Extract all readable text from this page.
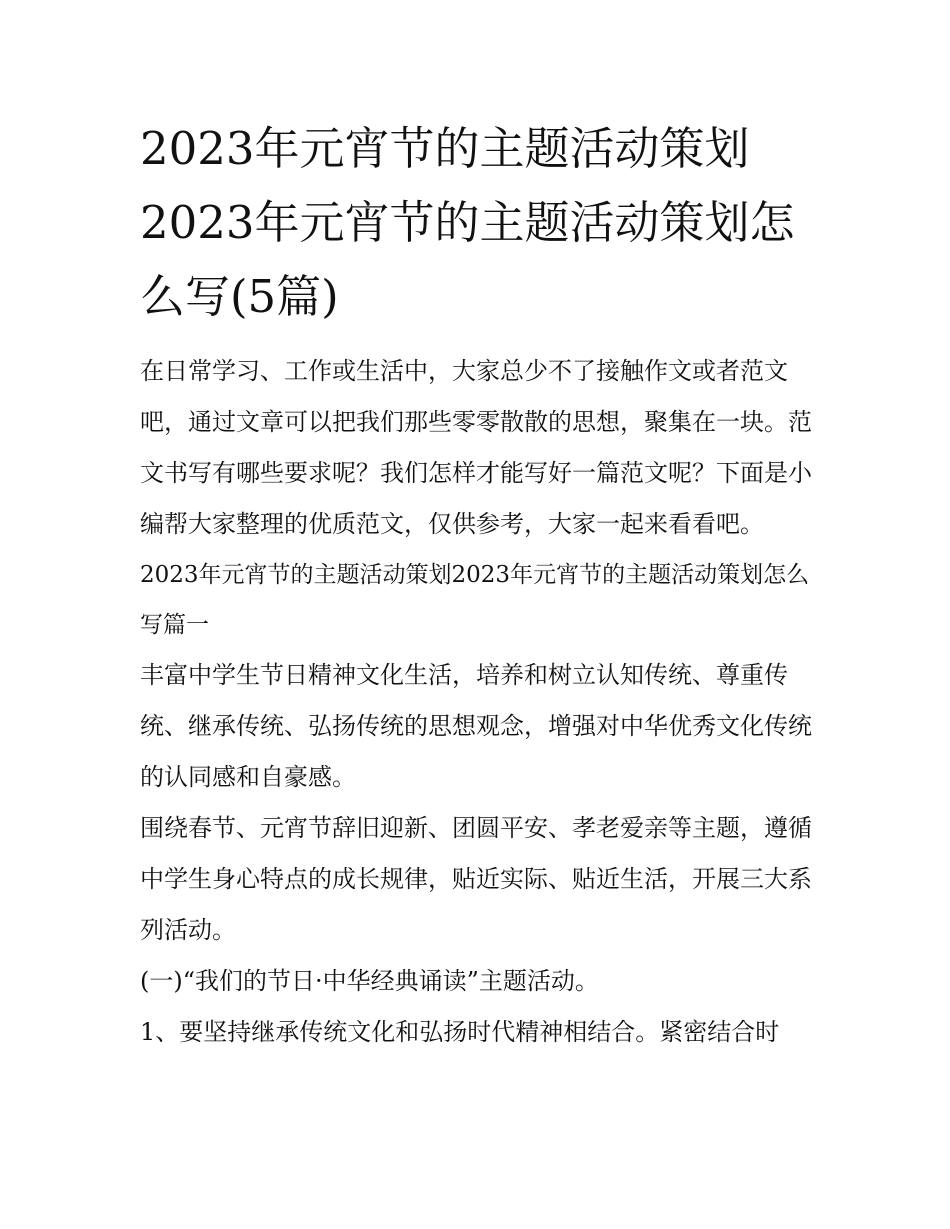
2023年元宵节的主题活动策划2023年元宵节的主题活动策划怎么写(5篇)

在日常学习、工作或生活中，大家总少不了接触作文或者范文吧，通过文章可以把我们那些零零散散的思想，聚集在一块。范文书写有哪些要求呢？我们怎样才能写好一篇范文呢？下面是小编帮大家整理的优质范文，仅供参考，大家一起来看看吧。

2023年元宵节的主题活动策划2023年元宵节的主题活动策划怎么写篇一

丰富中学生节日精神文化生活，培养和树立认知传统、尊重传统、继承传统、弘扬传统的思想观念，增强对中华优秀文化传统的认同感和自豪感。

围绕春节、元宵节辞旧迎新、团圆平安、孝老爱亲等主题，遵循中学生身心特点的成长规律，贴近实际、贴近生活，开展三大系列活动。

(一)“我们的节日·中华经典诵读”主题活动。

1、要坚持继承传统文化和弘扬时代精神相结合。紧密结合时
